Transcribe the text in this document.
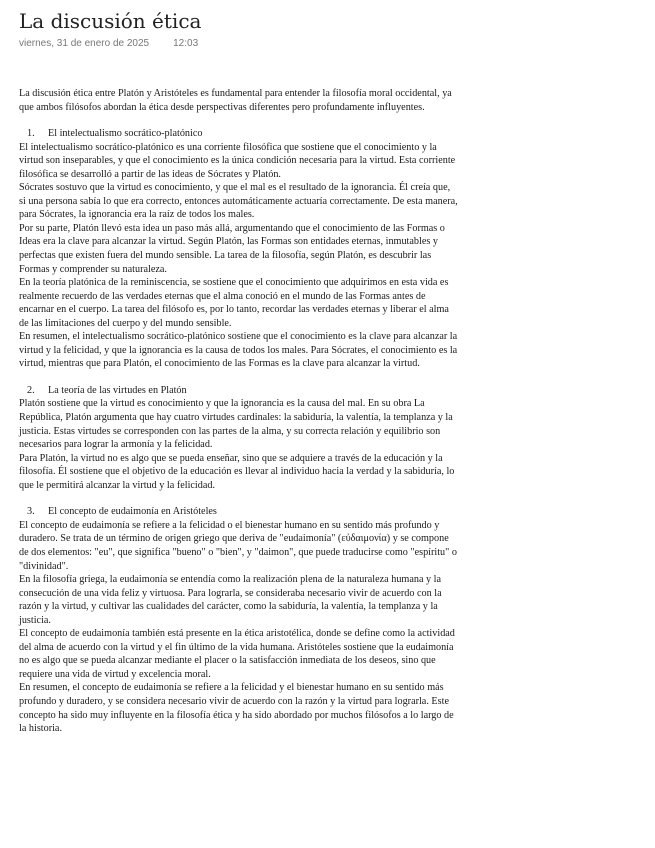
La discusión ética
viernes, 31 de enero de 2025 12:03

La discusión ética entre Platón y Aristóteles es fundamental para entender la filosofía moral occidental, ya que ambos filósofos abordan la ética desde perspectivas diferentes pero profundamente influyentes.

1. El intelectualismo socrático-platónico

El intelectualismo socrático-platónico es una corriente filosófica que sostiene que el conocimiento y la virtud son inseparables, y que el conocimiento es la única condición necesaria para la virtud. Esta corriente filosófica se desarrolló a partir de las ideas de Sócrates y Platón.

Sócrates sostuvo que la virtud es conocimiento, y que el mal es el resultado de la ignorancia. Él creía que, si una persona sabía lo que era correcto, entonces automáticamente actuaría correctamente. De esta manera, para Sócrates, la ignorancia era la raíz de todos los males.

Por su parte, Platón llevó esta idea un paso más allá, argumentando que el conocimiento de las Formas o Ideas era la clave para alcanzar la virtud. Según Platón, las Formas son entidades eternas, inmutables y perfectas que existen fuera del mundo sensible. La tarea de la filosofía, según Platón, es descubrir las Formas y comprender su naturaleza.

En la teoría platónica de la reminiscencia, se sostiene que el conocimiento que adquirimos en esta vida es realmente recuerdo de las verdades eternas que el alma conoció en el mundo de las Formas antes de encarnar en el cuerpo. La tarea del filósofo es, por lo tanto, recordar las verdades eternas y liberar el alma de las limitaciones del cuerpo y del mundo sensible.

En resumen, el intelectualismo socrático-platónico sostiene que el conocimiento es la clave para alcanzar la virtud y la felicidad, y que la ignorancia es la causa de todos los males. Para Sócrates, el conocimiento es la virtud, mientras que para Platón, el conocimiento de las Formas es la clave para alcanzar la virtud.

2. La teoría de las virtudes en Platón

Platón sostiene que la virtud es conocimiento y que la ignorancia es la causa del mal. En su obra La República, Platón argumenta que hay cuatro virtudes cardinales: la sabiduría, la valentía, la templanza y la justicia. Estas virtudes se corresponden con las partes de la alma, y su correcta relación y equilibrio son necesarios para lograr la armonía y la felicidad.

Para Platón, la virtud no es algo que se pueda enseñar, sino que se adquiere a través de la educación y la filosofía. Él sostiene que el objetivo de la educación es llevar al individuo hacia la verdad y la sabiduría, lo que le permitirá alcanzar la virtud y la felicidad.

3. El concepto de eudaimonía en Aristóteles

El concepto de eudaimonía se refiere a la felicidad o el bienestar humano en su sentido más profundo y duradero. Se trata de un término de origen griego que deriva de "eudaimonía" (εὐδαιμονία) y se compone de dos elementos: "eu", que significa "bueno" o "bien", y "daimon", que puede traducirse como "espíritu" o "divinidad".

En la filosofía griega, la eudaimonía se entendía como la realización plena de la naturaleza humana y la consecución de una vida feliz y virtuosa. Para lograrla, se consideraba necesario vivir de acuerdo con la razón y la virtud, y cultivar las cualidades del carácter, como la sabiduría, la valentía, la templanza y la justicia.

El concepto de eudaimonía también está presente en la ética aristotélica, donde se define como la actividad del alma de acuerdo con la virtud y el fin último de la vida humana. Aristóteles sostiene que la eudaimonía no es algo que se pueda alcanzar mediante el placer o la satisfacción inmediata de los deseos, sino que requiere una vida de virtud y excelencia moral.

En resumen, el concepto de eudaimonía se refiere a la felicidad y el bienestar humano en su sentido más profundo y duradero, y se considera necesario vivir de acuerdo con la razón y la virtud para lograrla. Este concepto ha sido muy influyente en la filosofía ética y ha sido abordado por muchos filósofos a lo largo de la historia.
